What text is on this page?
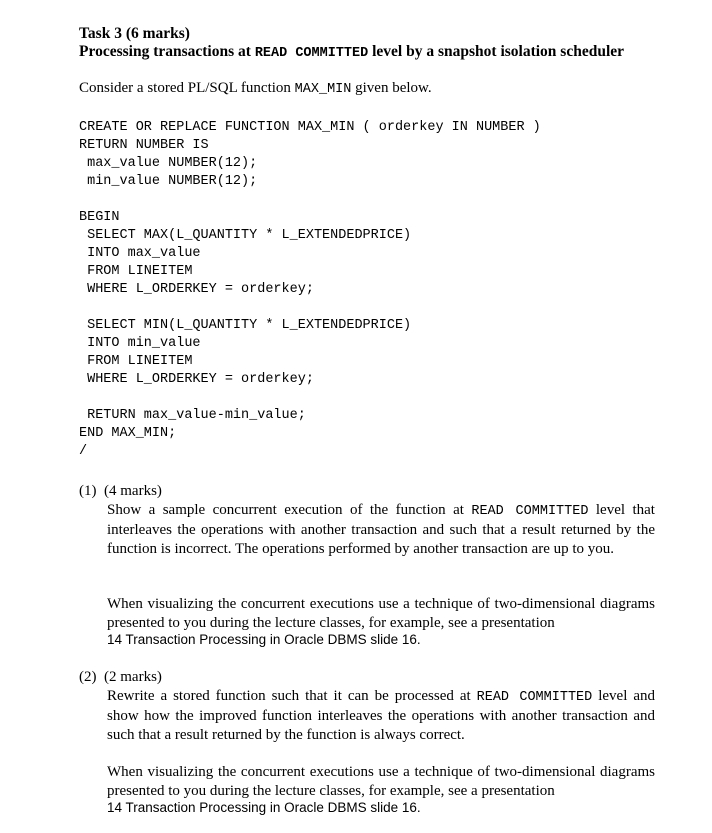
Task 3 (6 marks)
Processing transactions at READ COMMITTED level by a snapshot isolation scheduler
Consider a stored PL/SQL function MAX_MIN given below.
CREATE OR REPLACE FUNCTION MAX_MIN ( orderkey IN NUMBER )
RETURN NUMBER IS
max_value NUMBER(12);
min_value NUMBER(12);

BEGIN
SELECT MAX(L_QUANTITY * L_EXTENDEDPRICE)
INTO max_value
FROM LINEITEM
WHERE L_ORDERKEY = orderkey;

SELECT MIN(L_QUANTITY * L_EXTENDEDPRICE)
INTO min_value
FROM LINEITEM
WHERE L_ORDERKEY = orderkey;

RETURN max_value-min_value;
END MAX_MIN;
/
(1) (4 marks)
Show a sample concurrent execution of the function at READ COMMITTED level that interleaves the operations with another transaction and such that a result returned by the function is incorrect. The operations performed by another transaction are up to you.
When visualizing the concurrent executions use a technique of two-dimensional diagrams presented to you during the lecture classes, for example, see a presentation
14 Transaction Processing in Oracle DBMS slide 16.
(2) (2 marks)
Rewrite a stored function such that it can be processed at READ COMMITTED level and show how the improved function interleaves the operations with another transaction and such that a result returned by the function is always correct.
When visualizing the concurrent executions use a technique of two-dimensional diagrams presented to you during the lecture classes, for example, see a presentation
14 Transaction Processing in Oracle DBMS slide 16.
